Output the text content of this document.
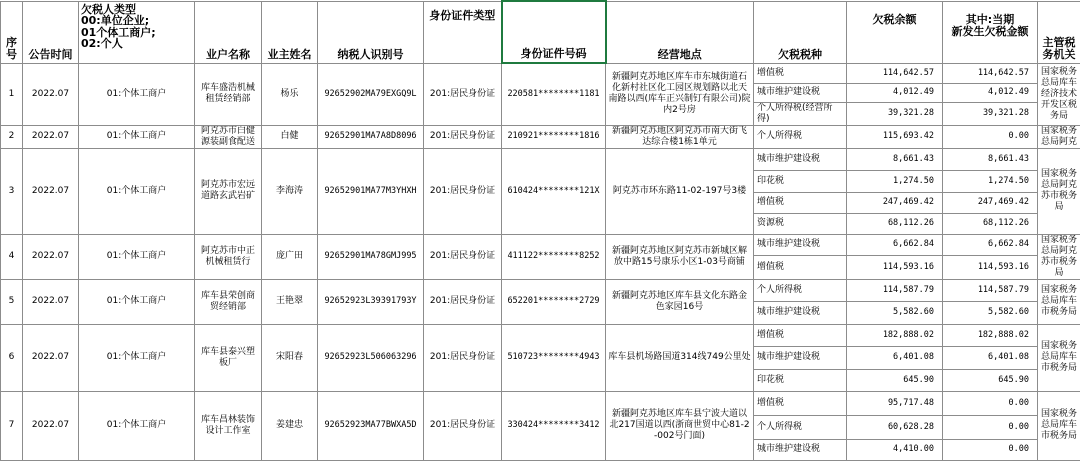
序
号	公告时间	欠税人类型
00:单位企业;
01个体工商户;
02:个人	业户名称	业主姓名	纳税人识别号	身份证件类型	身份证件号码	经营地点	欠税税种	欠税余额	其中:当期
新发生欠税金额	主管税
务机关
1	2022.07	01:个体工商户	库车盛浩机械租赁经销部	杨乐	92652902MA79EXGQ9L	201:居民身份证	220581********1181	新疆阿克苏地区库车市东城街道石化新村社区化工园区规划路以北天南路以西(库车正兴制钉有限公司)院内2号房	增值税	114,642.57	114,642.57	国家税务总局库车经济技术开发区税务局
									城市维护建设税	4,012.49	4,012.49	
									个人所得税(经营所得)	39,321.28	39,321.28	
2	2022.07	01:个体工商户	阿克苏市白健源装副食配送	白健	92652901MA7A8D8096	201:居民身份证	210921********1816	新疆阿克苏地区阿克苏市南大街飞达综合楼1栋1单元	个人所得税	115,693.42	0.00	国家税务总局阿克
3	2022.07	01:个体工商户	阿克苏市宏远道路玄武岩矿	李海涛	92652901MA77M3YHXH	201:居民身份证	610424********121X	阿克苏市环东路11-02-197号3楼	城市维护建设税	8,661.43	8,661.43	国家税务总局阿克苏市税务局
									印花税	1,274.50	1,274.50	
									增值税	247,469.42	247,469.42	
									资源税	68,112.26	68,112.26	
4	2022.07	01:个体工商户	阿克苏市中正机械租赁行	庞广田	92652901MA78GMJ995	201:居民身份证	411122********8252	新疆阿克苏地区阿克苏市新城区解放中路15号康乐小区1-03号商铺	城市维护建设税	6,662.84	6,662.84	国家税务总局阿克苏市税务局
									增值税	114,593.16	114,593.16	
5	2022.07	01:个体工商户	库车县荣创商贸经销部	王艳翠	92652923L39391793Y	201:居民身份证	652201********2729	新疆阿克苏地区库车县文化东路金色家园16号	个人所得税	114,587.79	114,587.79	国家税务总局库车市税务局
									城市维护建设税	5,582.60	5,582.60	
6	2022.07	01:个体工商户	库车县泰兴塑板厂	宋阳春	92652923L506063296	201:居民身份证	510723********4943	库车县机场路国道314线749公里处	增值税	182,888.02	182,888.02	国家税务总局库车市税务局
									城市维护建设税	6,401.08	6,401.08	
									印花税	645.90	645.90	
7	2022.07	01:个体工商户	库车昌林装饰设计工作室	姜建忠	92652923MA77BWXA5D	201:居民身份证	330424********3412	新疆阿克苏地区库车县宁波大道以北217国道以西(浙商世贸中心81-2-002号门面)	增值税	95,717.48	0.00	国家税务总局库车市税务局
									个人所得税	60,628.28	0.00	
									城市维护建设税	4,410.00	0.00	
